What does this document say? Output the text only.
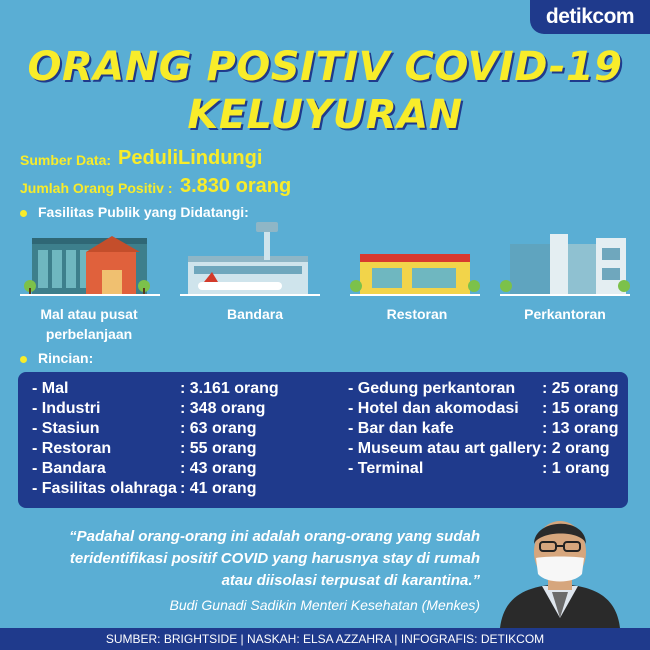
detikcom
ORANG POSITIV COVID-19
KELUYURAN
Sumber Data: PeduliLindungi
Jumlah Orang Positiv : 3.830 orang
Fasilitas Publik yang Didatangi:
Mal atau pusat
perbelanjaan
Bandara	Restoran	Perkantoran
Rincian:
- Mal	: 3.161 orang
- Industri	: 348 orang
- Stasiun	: 63 orang
- Restoran	: 55 orang
- Bandara	: 43 orang
- Fasilitas olahraga : 41 orang
- Gedung perkantoran : 25 orang
- Hotel dan akomodasi : 15 orang
- Bar dan kafe	: 13 orang
- Museum atau art gallery : 2 orang
- Terminal	: 1 orang
“Padahal orang-orang ini adalah orang-orang yang sudah
teridentifikasi positif COVID yang harusnya stay di rumah
atau diisolasi terpusat di karantina.”
Budi Gunadi Sadikin Menteri Kesehatan (Menkes)
SUMBER: BRIGHTSIDE | NASKAH: ELSA AZZAHRA | INFOGRAFIS: DETIKCOM
